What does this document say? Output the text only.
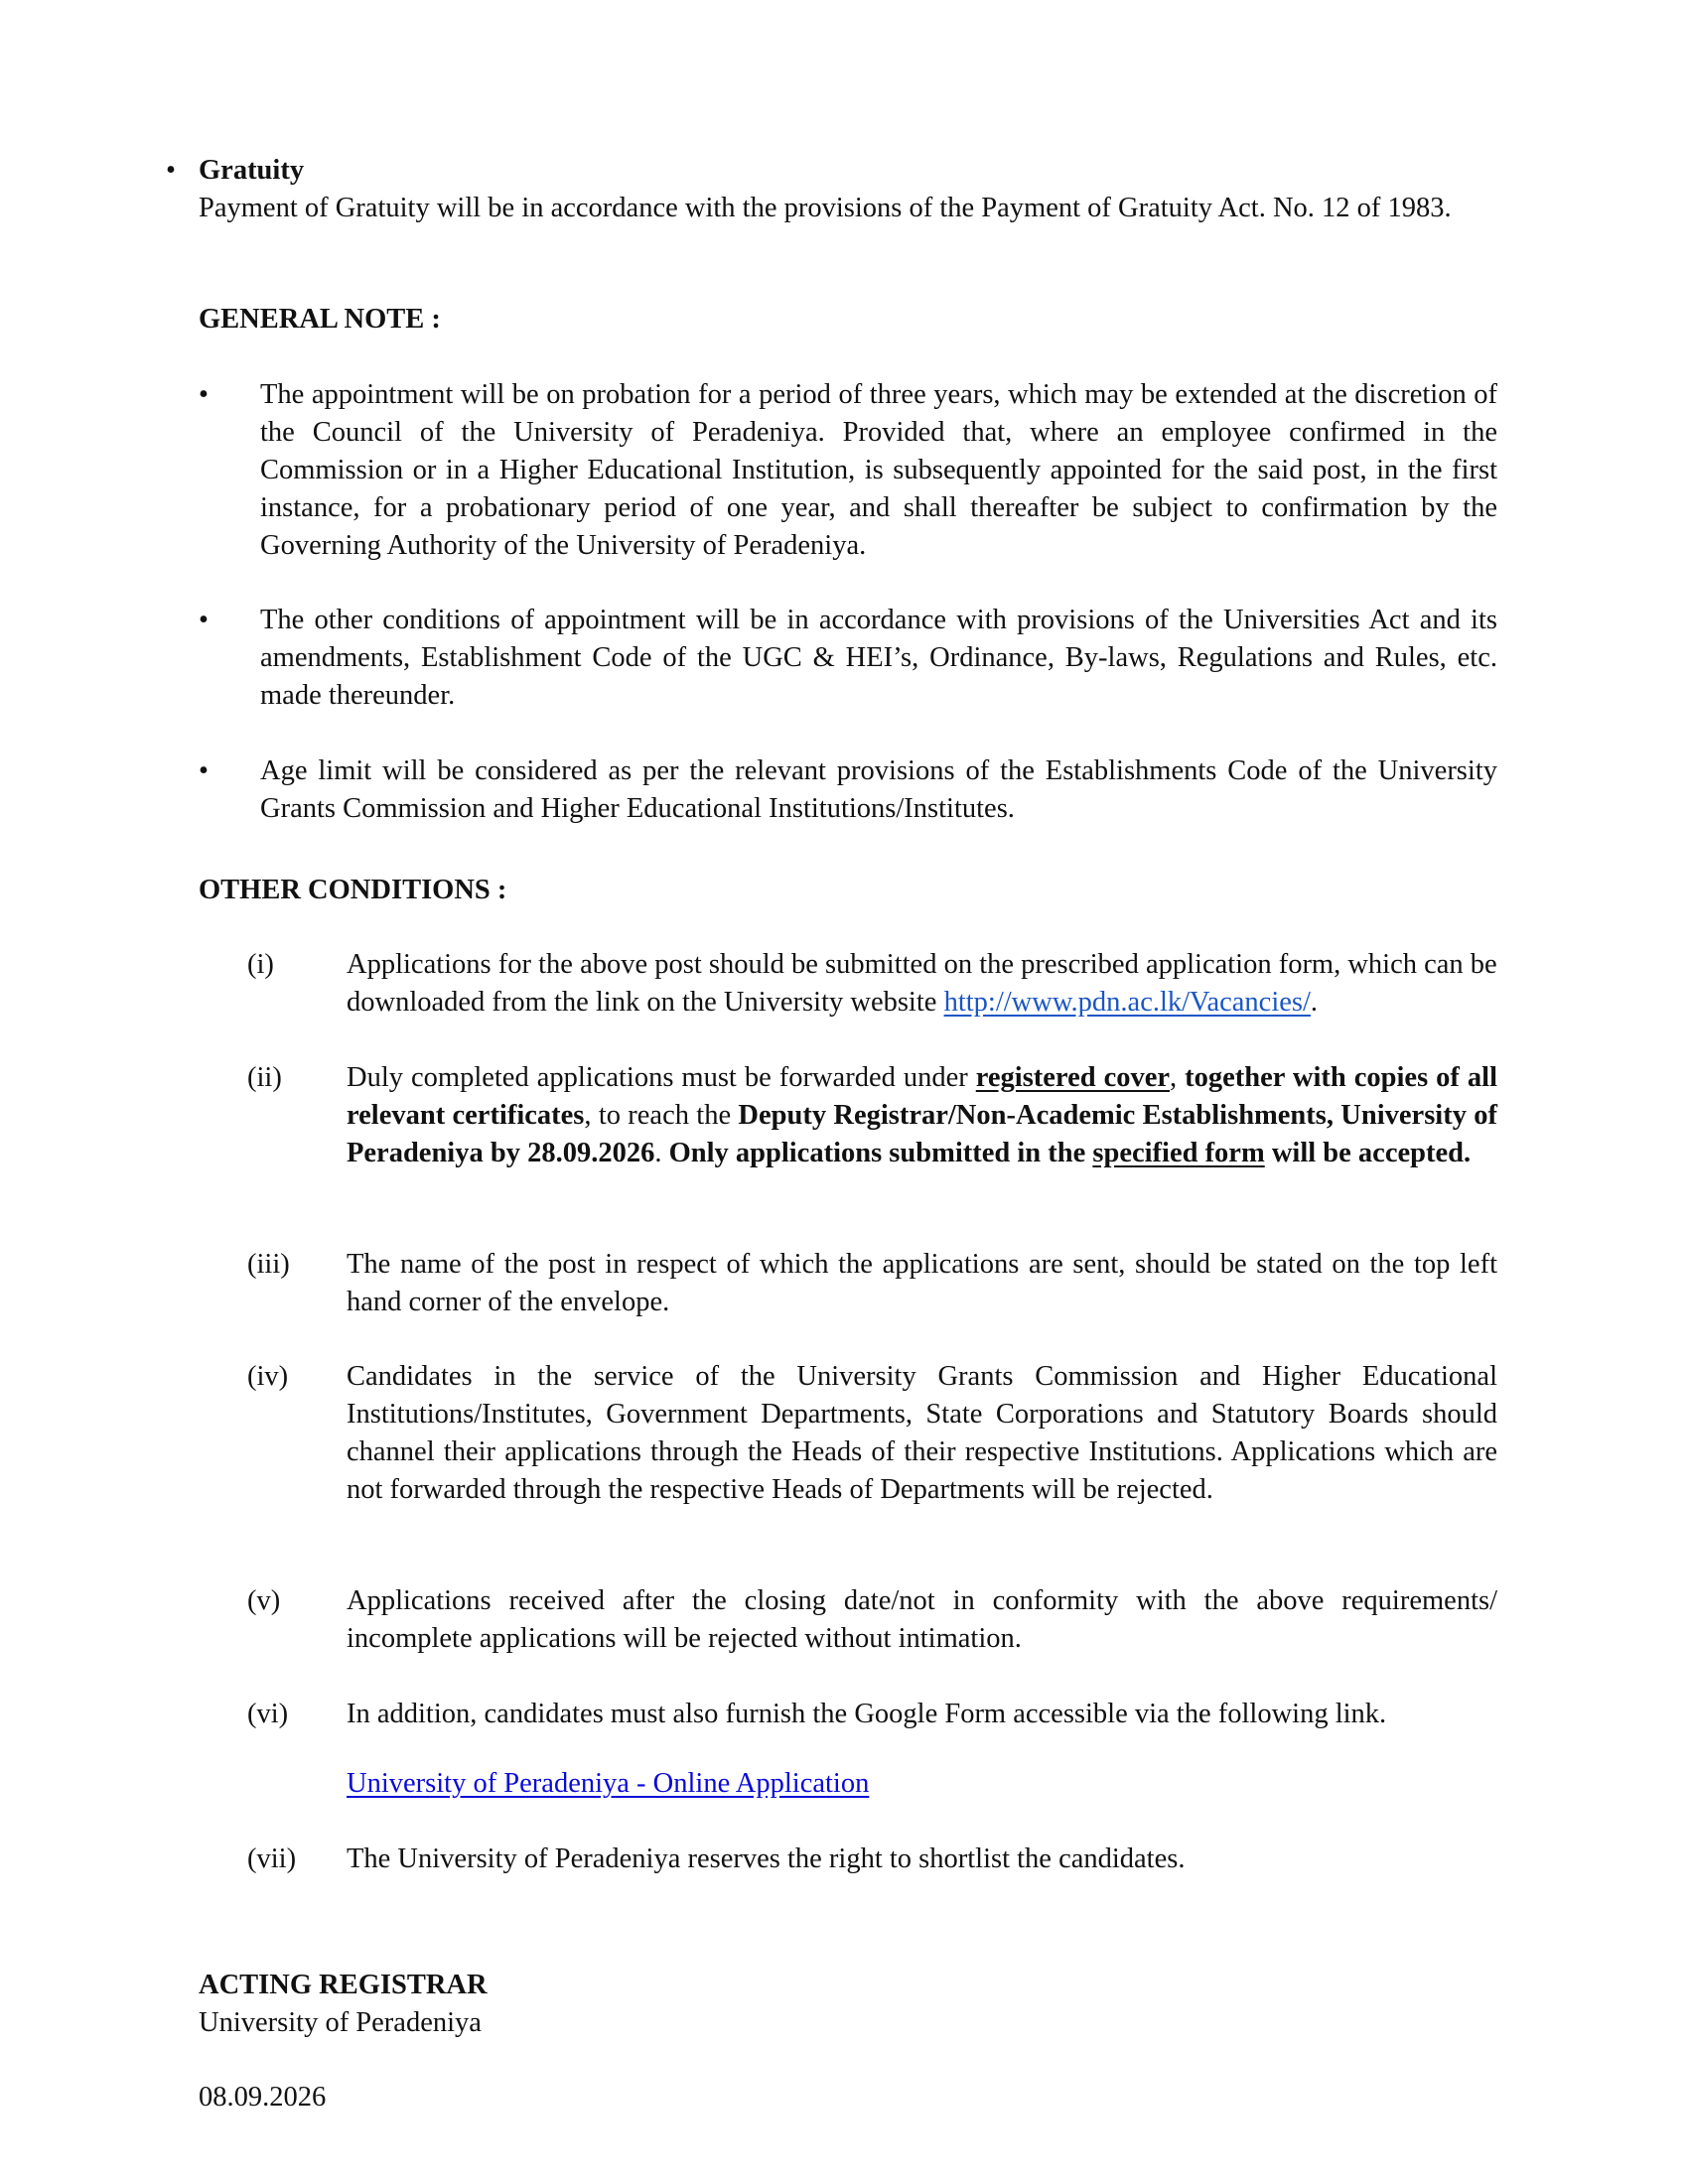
• Gratuity
Payment of Gratuity will be in accordance with the provisions of the Payment of Gratuity Act. No. 12 of 1983.
GENERAL NOTE :
• The appointment will be on probation for a period of three years, which may be extended at the discretion of the Council of the University of Peradeniya. Provided that, where an employee confirmed in the Commission or in a Higher Educational Institution, is subsequently appointed for the said post, in the first instance, for a probationary period of one year, and shall thereafter be subject to confirmation by the Governing Authority of the University of Peradeniya.
• The other conditions of appointment will be in accordance with provisions of the Universities Act and its amendments, Establishment Code of the UGC & HEI’s, Ordinance, By-laws, Regulations and Rules, etc. made thereunder.
• Age limit will be considered as per the relevant provisions of the Establishments Code of the University Grants Commission and Higher Educational Institutions/Institutes.
OTHER CONDITIONS :
(i)	Applications for the above post should be submitted on the prescribed application form, which can be downloaded from the link on the University website http://www.pdn.ac.lk/Vacancies/.
(ii) Duly completed applications must be forwarded under registered cover, together with copies of all relevant certificates, to reach the Deputy Registrar/Non-Academic Establishments, University of Peradeniya by 28.09.2026. Only applications submitted in the specified form will be accepted.
(iii) The name of the post in respect of which the applications are sent, should be stated on the top left hand corner of the envelope.
(iv) Candidates in the service of the University Grants Commission and Higher Educational Institutions/Institutes, Government Departments, State Corporations and Statutory Boards should channel their applications through the Heads of their respective Institutions. Applications which are not forwarded through the respective Heads of Departments will be rejected.
(v) Applications received after the closing date/not in conformity with the above requirements/ incomplete applications will be rejected without intimation.
(vi) In addition, candidates must also furnish the Google Form accessible via the following link.
University of Peradeniya - Online Application
(vii) The University of Peradeniya reserves the right to shortlist the candidates.
ACTING REGISTRAR
University of Peradeniya
08.09.2026
